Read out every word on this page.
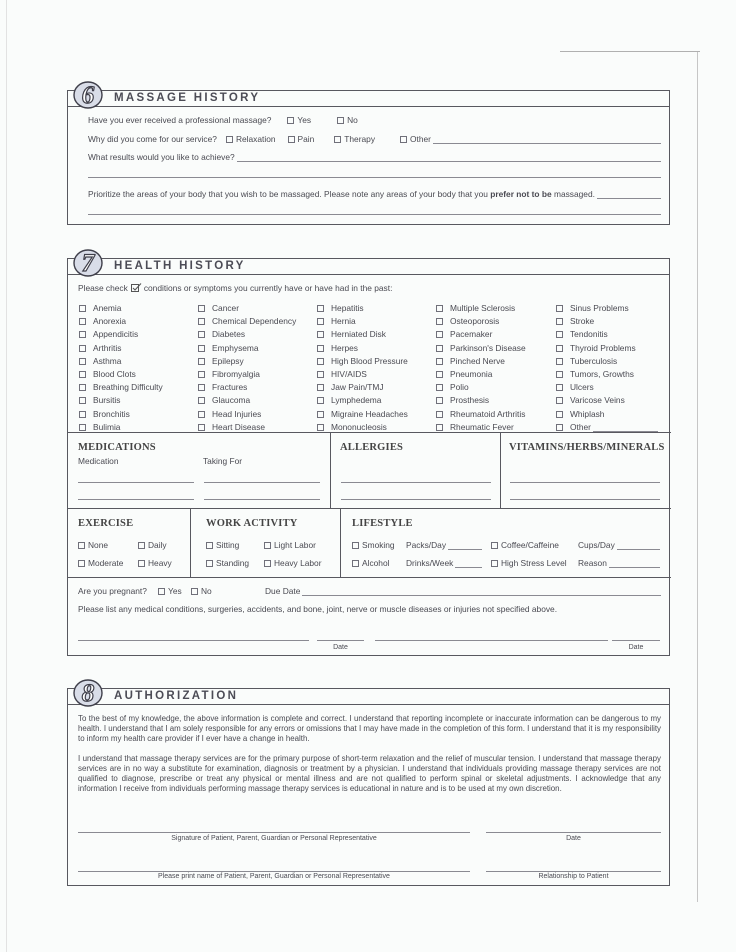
6 MASSAGE HISTORY
Have you ever received a professional massage?	Yes	No
Why did you come for our service? Relaxation	Pain	Therapy	Other
What results would you like to achieve?
Prioritize the areas of your body that you wish to be massaged. Please note any areas of your body that you
prefer not to be
massaged.
7 HEALTH HISTORY
Please check conditions or symptoms you currently have or have had in the past:
Anemia
Anorexia
Appendicitis
Arthritis
Asthma
Blood Clots
Breathing Difficulty
Bursitis
Bronchitis
Bulimia
Cancer
Chemical Dependency
Diabetes
Emphysema
Epilepsy
Fibromyalgia
Fractures
Glaucoma
Head Injuries
Heart Disease
Hepatitis
Hernia
Herniated Disk
Herpes
High Blood Pressure
HIV/AIDS
Jaw Pain/TMJ
Lymphedema
Migraine Headaches
Mononucleosis
Multiple Sclerosis
Osteoporosis
Pacemaker
Parkinson's Disease
Pinched Nerve
Pneumonia
Polio
Prosthesis
Rheumatoid Arthritis
Rheumatic Fever
Sinus Problems
Stroke
Tendonitis
Thyroid Problems
Tuberculosis
Tumors, Growths
Ulcers
Varicose Veins
Whiplash
Other
MEDICATIONS
Medication	Taking For
ALLERGIES	VITAMINS/HERBS/MINERALS
EXERCISE
None	Daily
Moderate	Heavy
WORK ACTIVITY
Sitting	Light Labor
Standing	Heavy Labor
LIFESTYLE
Smoking Packs/Day	Coffee/Caffeine Cups/Day
Alcohol Drinks/Week	High Stress Level Reason
Are you pregnant?	Yes No	Due Date
Please list any medical conditions, surgeries, accidents, and bone, joint, nerve or muscle diseases or injuries not specified above.
Date	Date
8 AUTHORIZATION

To the best of my knowledge, the above information is complete and correct. I understand that reporting incomplete or inaccurate information can be dangerous to my health. I understand that I am solely responsible for any errors or omissions that I may have made in the completion of this form. I understand that it is my responsibility to inform my health care provider if I ever have a change in health.

I understand that massage therapy services are for the primary purpose of short-term relaxation and the relief of muscular tension. I understand that massage therapy services are in no way a substitute for examination, diagnosis or treatment by a physician. I understand that individuals providing massage therapy services are not qualified to diagnose, prescribe or treat any physical or mental illness and are not qualified to perform spinal or skeletal adjustments. I acknowledge that any information I receive from individuals performing massage therapy services is educational in nature and is to be used at my own discretion.

Signature of Patient, Parent, Guardian or Personal Representative	Date
Please print name of Patient, Parent, Guardian or Personal Representative	Relationship to Patient
